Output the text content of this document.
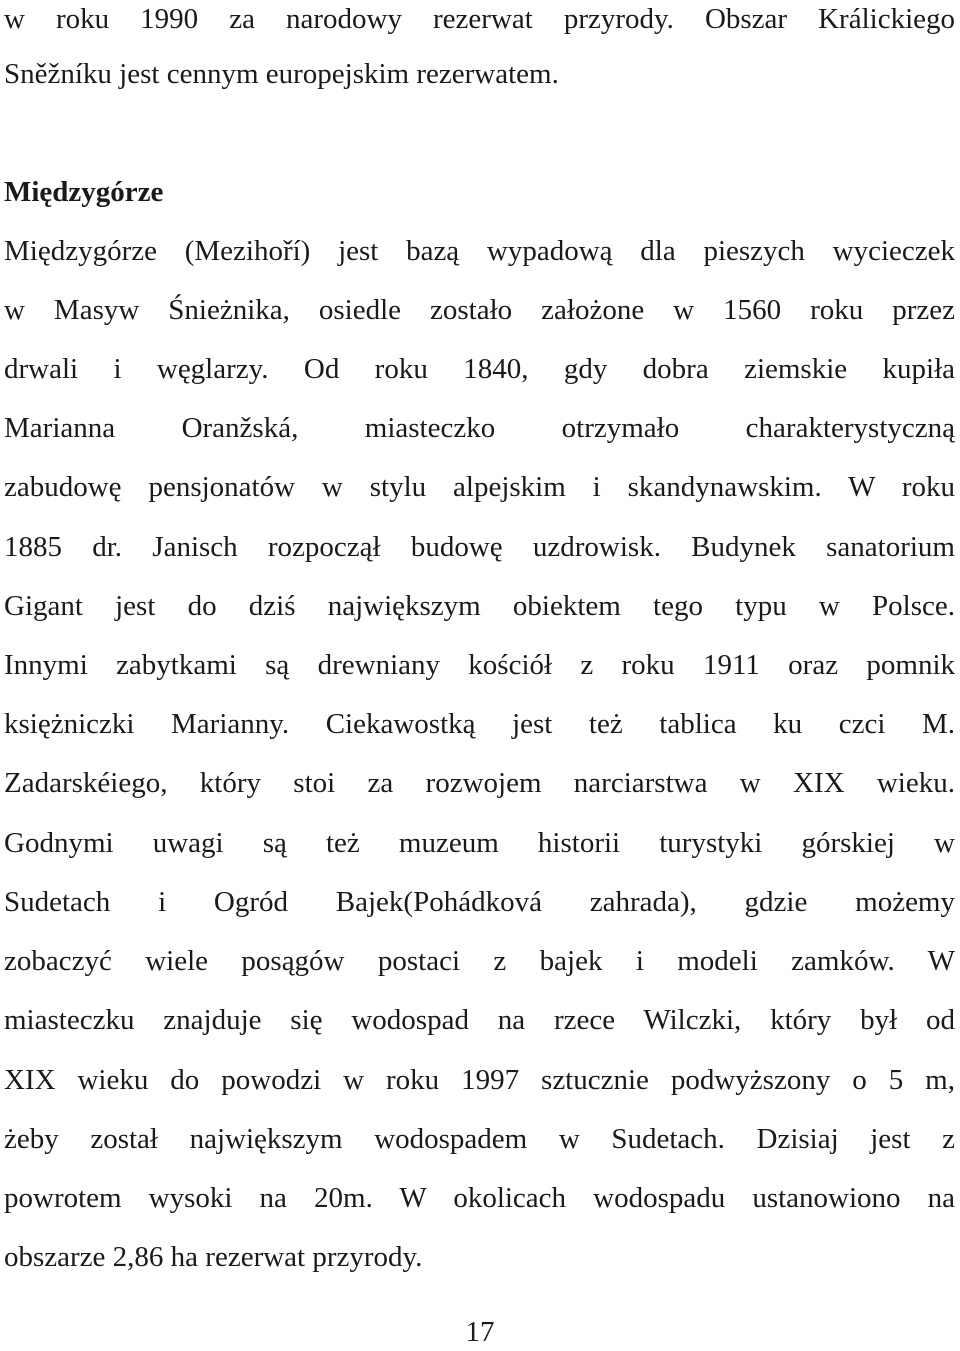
w roku 1990 za narodowy rezerwat przyrody. Obszar Králickiego
Sněžníku jest cennym europejskim rezerwatem.
Międzygórze
Międzygórze (Mezihoří) jest bazą wypadową dla pieszych wycieczek
w Masyw Śnieżnika, osiedle zostało założone w 1560 roku przez
drwali i węglarzy. Od roku 1840, gdy dobra ziemskie kupiła
Marianna Oranžská, miasteczko otrzymało charakterystyczną
zabudowę pensjonatów w stylu alpejskim i skandynawskim. W roku
1885 dr. Janisch rozpoczął budowę uzdrowisk. Budynek sanatorium
Gigant jest do dziś największym obiektem tego typu w Polsce.
Innymi zabytkami są drewniany kościół z roku 1911 oraz pomnik
księżniczki Marianny. Ciekawostką jest też tablica ku czci M.
Zadarskéiego, który stoi za rozwojem narciarstwa w XIX wieku.
Godnymi uwagi są też muzeum historii turystyki górskiej w
Sudetach i Ogród Bajek(Pohádková zahrada), gdzie możemy
zobaczyć wiele posągów postaci z bajek i modeli zamków. W
miasteczku znajduje się wodospad na rzece Wilczki, który był od
XIX wieku do powodzi w roku 1997 sztucznie podwyższony o 5 m,
żeby został największym wodospadem w Sudetach. Dzisiaj jest z
powrotem wysoki na 20m. W okolicach wodospadu ustanowiono na
obszarze 2,86 ha rezerwat przyrody.
17
